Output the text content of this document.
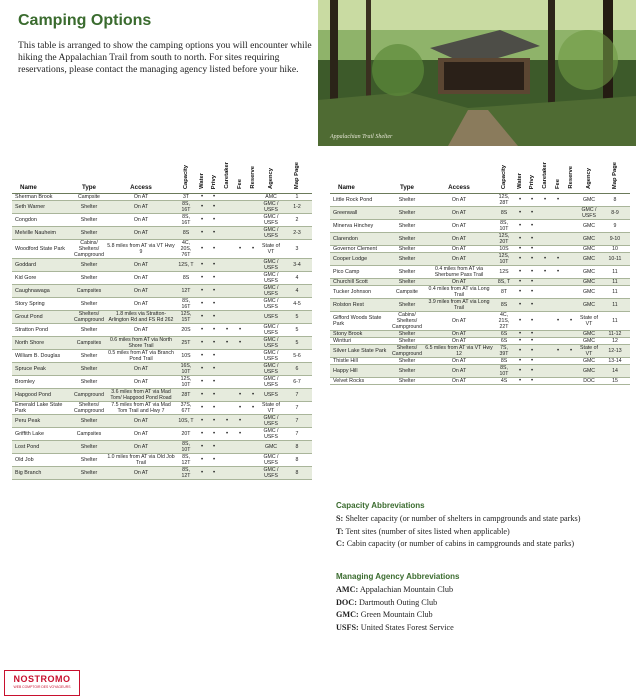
Camping Options

This table is arranged to show the camping options you will encounter while hiking the Appalachian Trail from south to north. For sites requiring reservations, please contact the managing agency listed before your hike.

Appalachian Trail Shelter
Name	Type	Access	Capacity	Water	Privy	Caretaker	Fee	Reserve	Agency	Map Page
Sherman Brook	Campsite	On AT	3T	•	•				AMC	1
Seth Warner	Shelter	On AT	8S, 16T	•	•				GMC / USFS	1-2
Congdon	Shelter	On AT	8S, 16T	•	•				GMC / USFS	2
Melville Nauheim	Shelter	On AT	8S	•	•				GMC / USFS	2-3
Woodford State Park	Cabins/ Shelters/ Campground	5.8 miles from AT via VT Hwy 9	4C, 20S, 76T	•	•		•	•	State of VT	3
Goddard	Shelter	On AT	12S, T	•	•				GMC / USFS	3-4
Kid Gore	Shelter	On AT	8S	•	•				GMC / USFS	4
Caughnawaga	Campsites	On AT	12T	•	•				GMC / USFS	4
Story Spring	Shelter	On AT	8S, 16T	•	•				GMC / USFS	4-5
Grout Pond	Shelters/ Campground	1.8 miles via Stratton-Arlington Rd and FS Rd 262	12S, 15T	•	•				USFS	5
Stratton Pond	Shelter	On AT	20S	•	•	•	•		GMC / USFS	5
North Shore	Campsites	0.6 miles from AT via North Shore Trail	25T	•	•	•	•		GMC / USFS	5
William B. Douglas	Shelter	0.5 miles from AT via Branch Pond Trail	10S	•	•				GMC / USFS	5-6
Spruce Peak	Shelter	On AT	16S, 10T	•	•				GMC / USFS	6
Bromley	Shelter	On AT	12S, 10T	•	•				GMC / USFS	6-7
Hapgood Pond	Campground	3.6 miles from AT via Mad Tom/ Hapgood Pond Road	28T	•	•		•	•	USFS	7
Emerald Lake State Park	Shelters/ Campground	7.5 miles from AT via Mad Tom Trail and Hwy 7	37S, 67T	•	•		•	•	State of VT	7
Peru Peak	Shelter	On AT	10S, T	•	•	•	•		GMC / USFS	7
Griffith Lake	Campsites	On AT	20T	•	•	•	•		GMC / USFS	7
Lost Pond	Shelter	On AT	8S, 10T	•	•				GMC	8
Old Job	Shelter	1.0 miles from AT via Old Job Trail	8S, 12T	•	•				GMC / USFS	8
Big Branch	Shelter	On AT	8S, 12T	•	•				GMC / USFS	8
Name	Type	Access	Capacity	Water	Privy	Caretaker	Fee	Reserve	Agency	Map Page
Little Rock Pond	Shelter	On AT	12S, 28T	•	•	•	•		GMC	8
Greenwall	Shelter	On AT	8S	•	•				GMC / USFS	8-9
Minerva Hinchey	Shelter	On AT	8S, 10T	•	•				GMC	9
Clarendon	Shelter	On AT	12S, 20T	•	•				GMC	9-10
Governor Clement	Shelter	On AT	10S	•	•				GMC	10
Cooper Lodge	Shelter	On AT	12S, 10T	•	•	•	•		GMC	10-11
Pico Camp	Shelter	0.4 miles from AT via Sherburne Pass Trail	12S	•	•	•	•		GMC	11
Churchill Scott	Shelter	On AT	8S, T	•	•				GMC	11
Tucker Johnson	Campsite	0.4 miles from AT via Long Trail	8T	•	•				GMC	11
Rolston Rest	Shelter	3.9 miles from AT via Long Trail	8S	•	•				GMC	11
Gifford Woods State Park	Cabins/ Shelters/ Campground	On AT	4C, 21S, 22T	•	•		•	•	State of VT	11
Stony Brook	Shelter	On AT	6S	•	•				GMC	11-12
Wintturi	Shelter	On AT	6S	•	•				GMC	12
Silver Lake State Park	Shelters/ Campground	6.5 miles from AT via VT Hwy 12	7S, 39T	•	•		•	•	State of VT	12-13
Thistle Hill	Shelter	On AT	8S	•	•				GMC	13-14
Happy Hill	Shelter	On AT	8S, 10T	•	•				GMC	14
Velvet Rocks	Shelter	On AT	4S	•	•				DOC	15
Capacity Abbreviations

S: Shelter capacity (or number of shelters in campgrounds and state parks)

T: Tent sites (number of sites listed when applicable)

C: Cabin capacity (or number of cabins in campgrounds and state parks)

Managing Agency Abbreviations

AMC: Appalachian Mountain Club

DOC: Dartmouth Outing Club

GMC: Green Mountain Club

USFS: United States Forest Service

NOSTROMO
WEB COMPTOIR DES VOYAGEURS
